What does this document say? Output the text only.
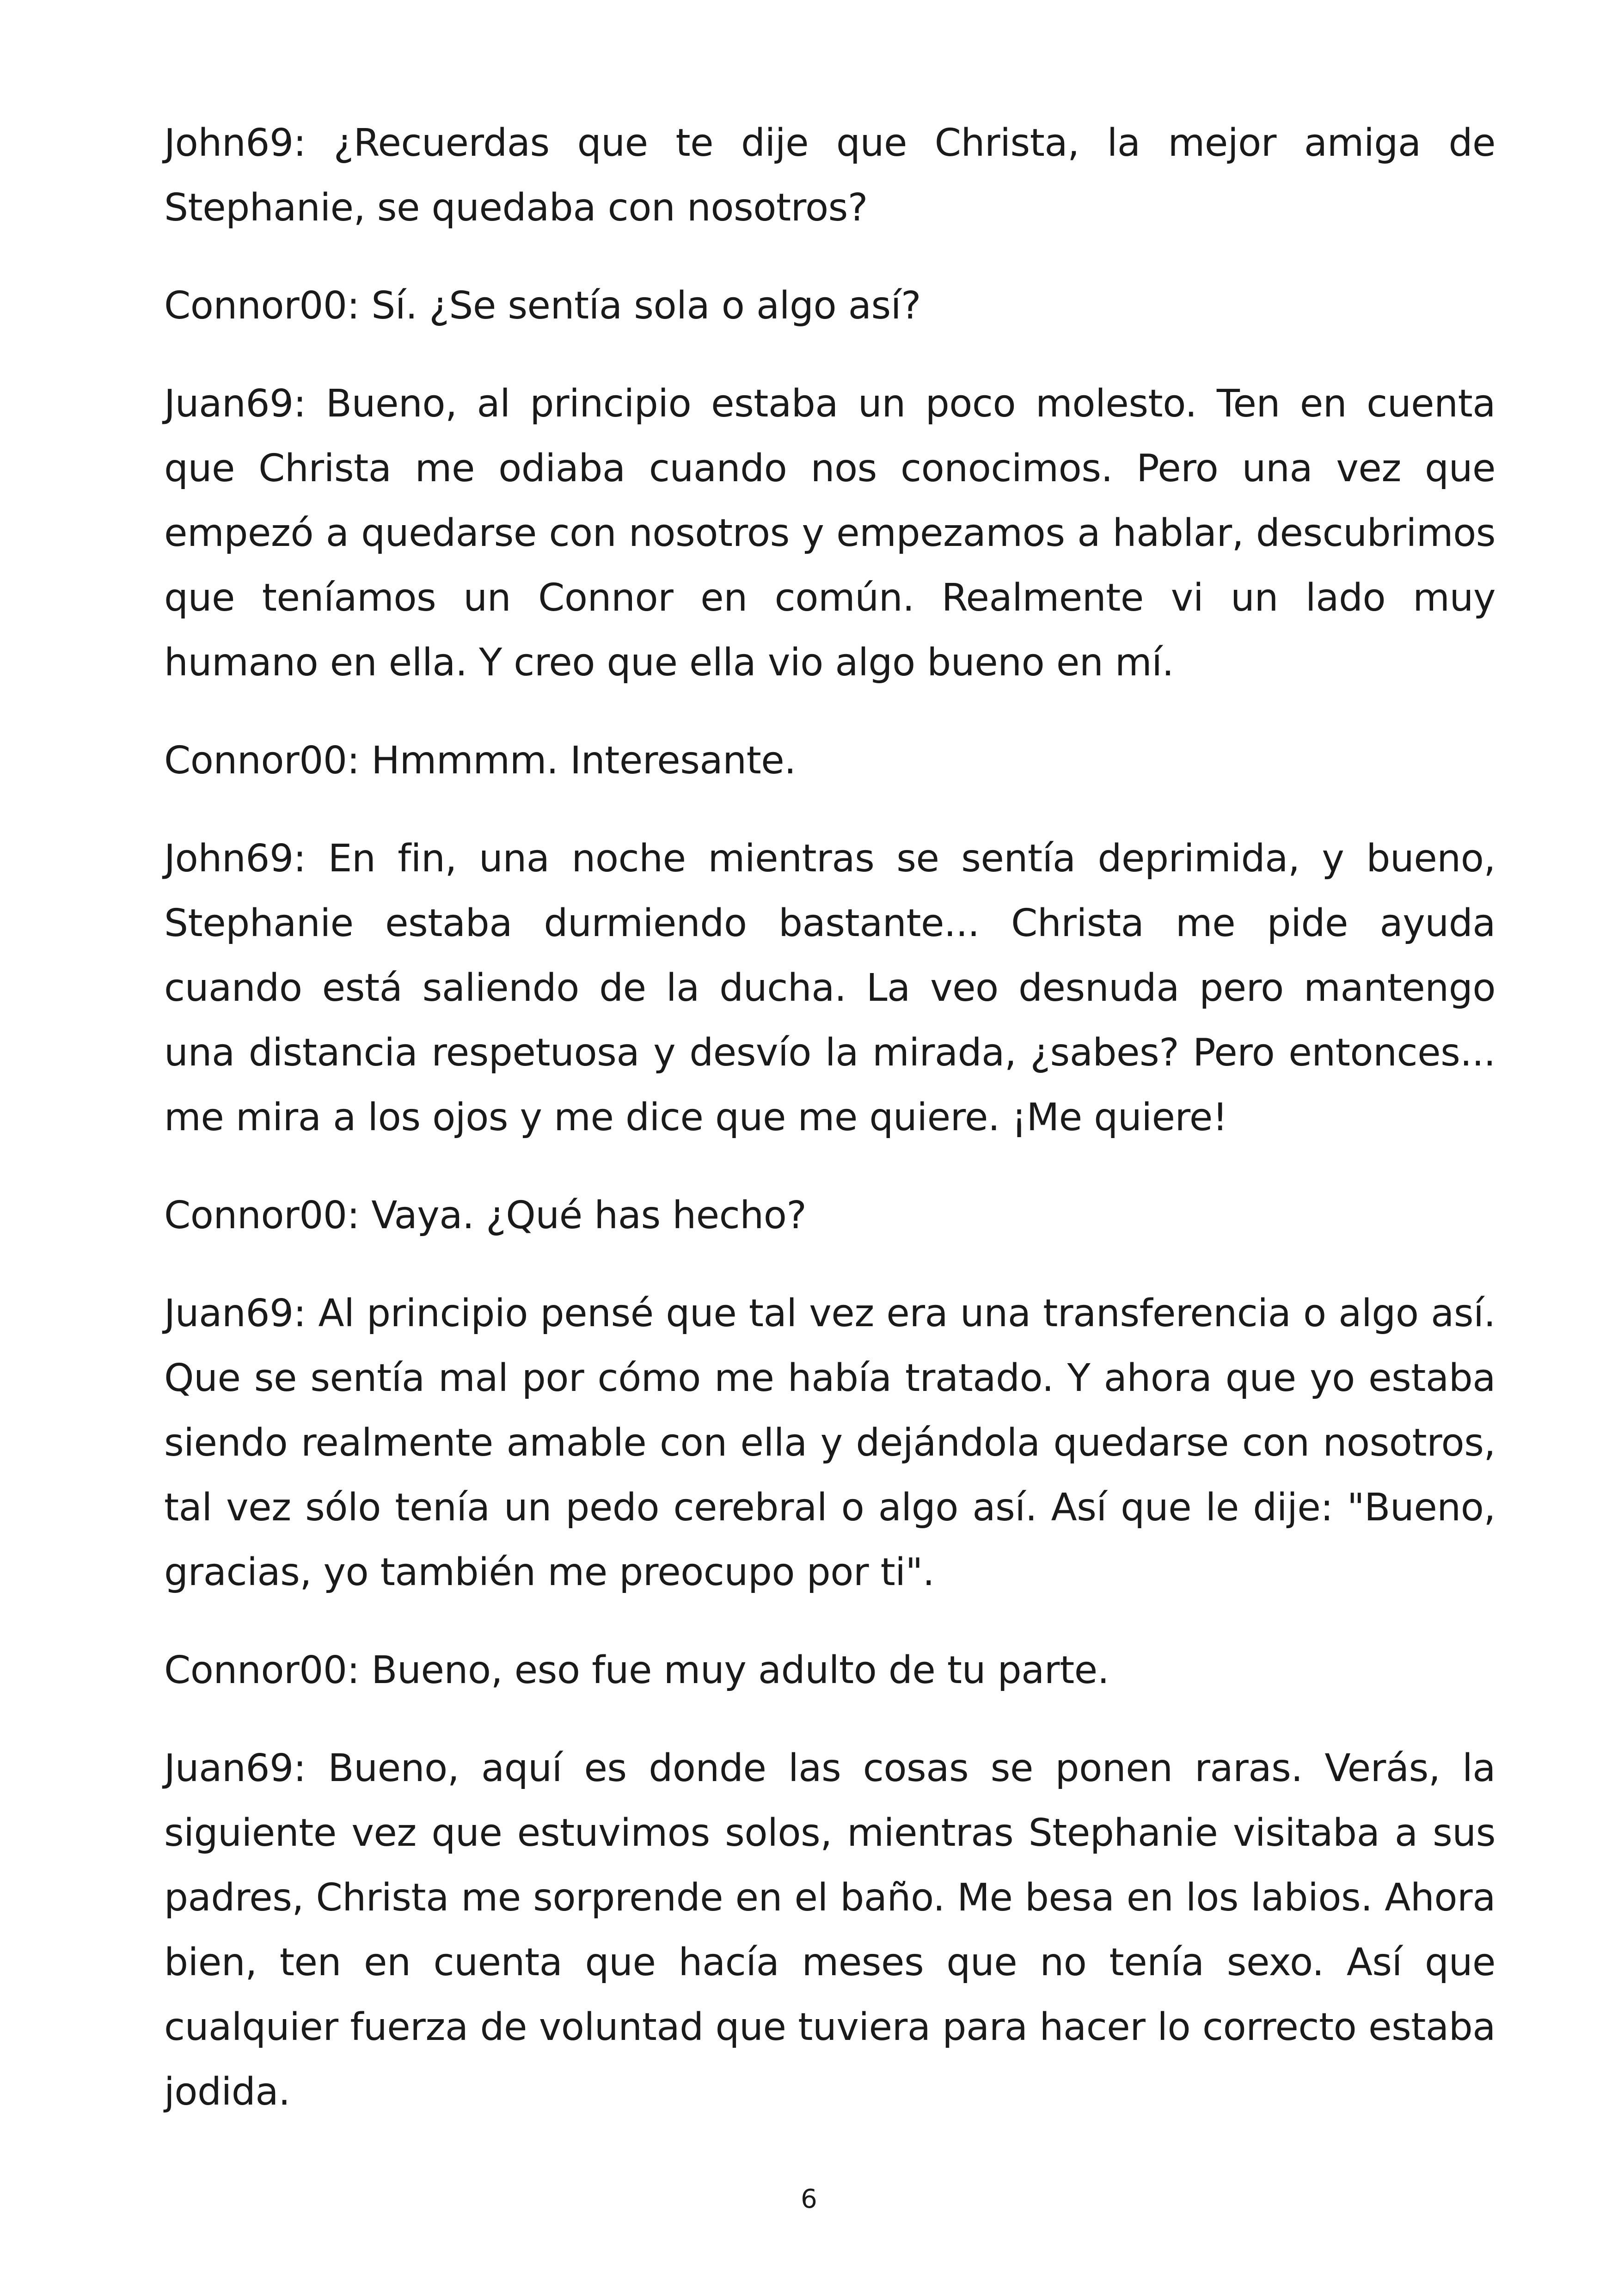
John69: ¿Recuerdas que te dije que Christa, la mejor amiga de Stephanie, se quedaba con nosotros?

Connor00: Sí. ¿Se sentía sola o algo así?

Juan69: Bueno, al principio estaba un poco molesto. Ten en cuenta que Christa me odiaba cuando nos conocimos. Pero una vez que empezó a quedarse con nosotros y empezamos a hablar, descubrimos que teníamos un Connor en común. Realmente vi un lado muy humano en ella. Y creo que ella vio algo bueno en mí.

Connor00: Hmmmm. Interesante.

John69: En fin, una noche mientras se sentía deprimida, y bueno, Stephanie estaba durmiendo bastante... Christa me pide ayuda cuando está saliendo de la ducha. La veo desnuda pero mantengo una distancia respetuosa y desvío la mirada, ¿sabes? Pero entonces... me mira a los ojos y me dice que me quiere. ¡Me quiere!

Connor00: Vaya. ¿Qué has hecho?

Juan69: Al principio pensé que tal vez era una transferencia o algo así. Que se sentía mal por cómo me había tratado. Y ahora que yo estaba siendo realmente amable con ella y dejándola quedarse con nosotros, tal vez sólo tenía un pedo cerebral o algo así. Así que le dije: "Bueno, gracias, yo también me preocupo por ti".

Connor00: Bueno, eso fue muy adulto de tu parte.

Juan69: Bueno, aquí es donde las cosas se ponen raras. Verás, la siguiente vez que estuvimos solos, mientras Stephanie visitaba a sus padres, Christa me sorprende en el baño. Me besa en los labios. Ahora bien, ten en cuenta que hacía meses que no tenía sexo. Así que cualquier fuerza de voluntad que tuviera para hacer lo correcto estaba jodida.

6
